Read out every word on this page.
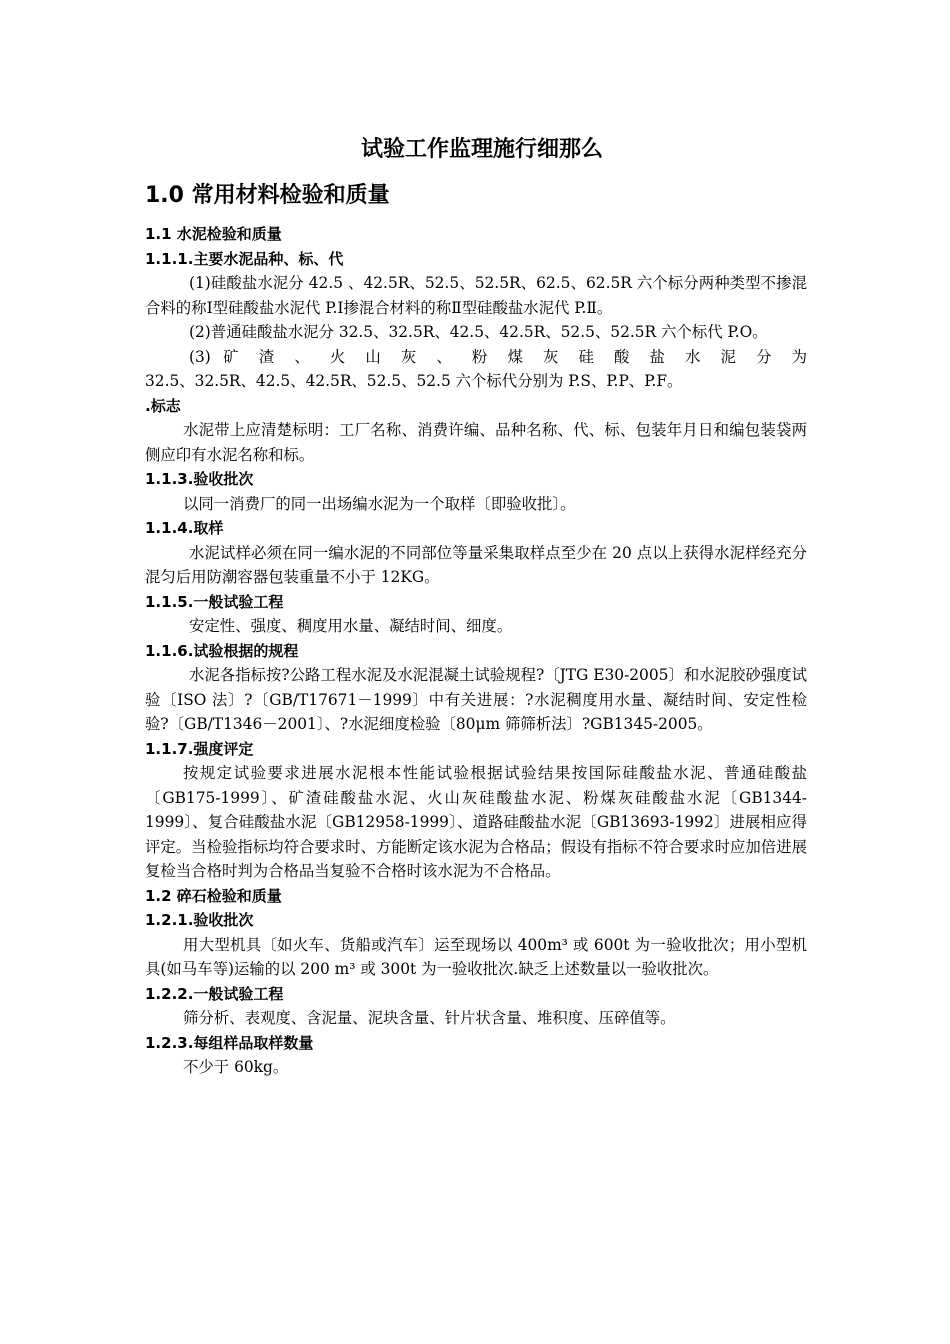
试验工作监理施行细那么
1.0 常用材料检验和质量
1.1 水泥检验和质量
1.1.1.主要水泥品种、标、代
(1)硅酸盐水泥分 42.5 、42.5R、52.5、52.5R、62.5、62.5R 六个标分两种类型不掺混合料的称Ⅰ型硅酸盐水泥代 P.Ⅰ掺混合材料的称Ⅱ型硅酸盐水泥代 P.Ⅱ。
(2)普通硅酸盐水泥分 32.5、32.5R、42.5、42.5R、52.5、52.5R 六个标代 P.O。
(3) 矿 渣 、 火 山 灰 、 粉 煤 灰 硅 酸 盐 水 泥 分 为
32.5、32.5R、42.5、42.5R、52.5、52.5 六个标代分别为 P.S、P.P、P.F。
.标志
水泥带上应清楚标明：工厂名称、消费许编、品种名称、代、标、包装年月日和编包装袋两侧应印有水泥名称和标。
1.1.3.验收批次
以同一消费厂的同一出场编水泥为一个取样〔即验收批〕。
1.1.4.取样
水泥试样必须在同一编水泥的不同部位等量采集取样点至少在 20 点以上获得水泥样经充分混匀后用防潮容器包装重量不小于 12KG。
1.1.5.一般试验工程
安定性、强度、稠度用水量、凝结时间、细度。
1.1.6.试验根据的规程
水泥各指标按?公路工程水泥及水泥混凝土试验规程?〔JTG E30-2005〕和水泥胶砂强度试验〔ISO 法〕?〔GB/T17671－1999〕中有关进展：?水泥稠度用水量、凝结时间、安定性检验?〔GB/T1346－2001〕、?水泥细度检验〔80μm 筛筛析法〕?GB1345-2005。
1.1.7.强度评定
按规定试验要求进展水泥根本性能试验根据试验结果按国际硅酸盐水泥、普通硅酸盐〔GB175-1999〕、矿渣硅酸盐水泥、火山灰硅酸盐水泥、粉煤灰硅酸盐水泥〔GB1344-1999〕、复合硅酸盐水泥〔GB12958-1999〕、道路硅酸盐水泥〔GB13693-1992〕进展相应得评定。当检验指标均符合要求时、方能断定该水泥为合格品；假设有指标不符合要求时应加倍进展复检当合格时判为合格品当复验不合格时该水泥为不合格品。
1.2 碎石检验和质量
1.2.1.验收批次
用大型机具〔如火车、货船或汽车〕运至现场以 400m³ 或 600t 为一验收批次；用小型机具(如马车等)运输的以 200 m³ 或 300t 为一验收批次.缺乏上述数量以一验收批次。
1.2.2.一般试验工程
筛分析、表观度、含泥量、泥块含量、针片状含量、堆积度、压碎值等。
1.2.3.每组样品取样数量
不少于 60kg。
